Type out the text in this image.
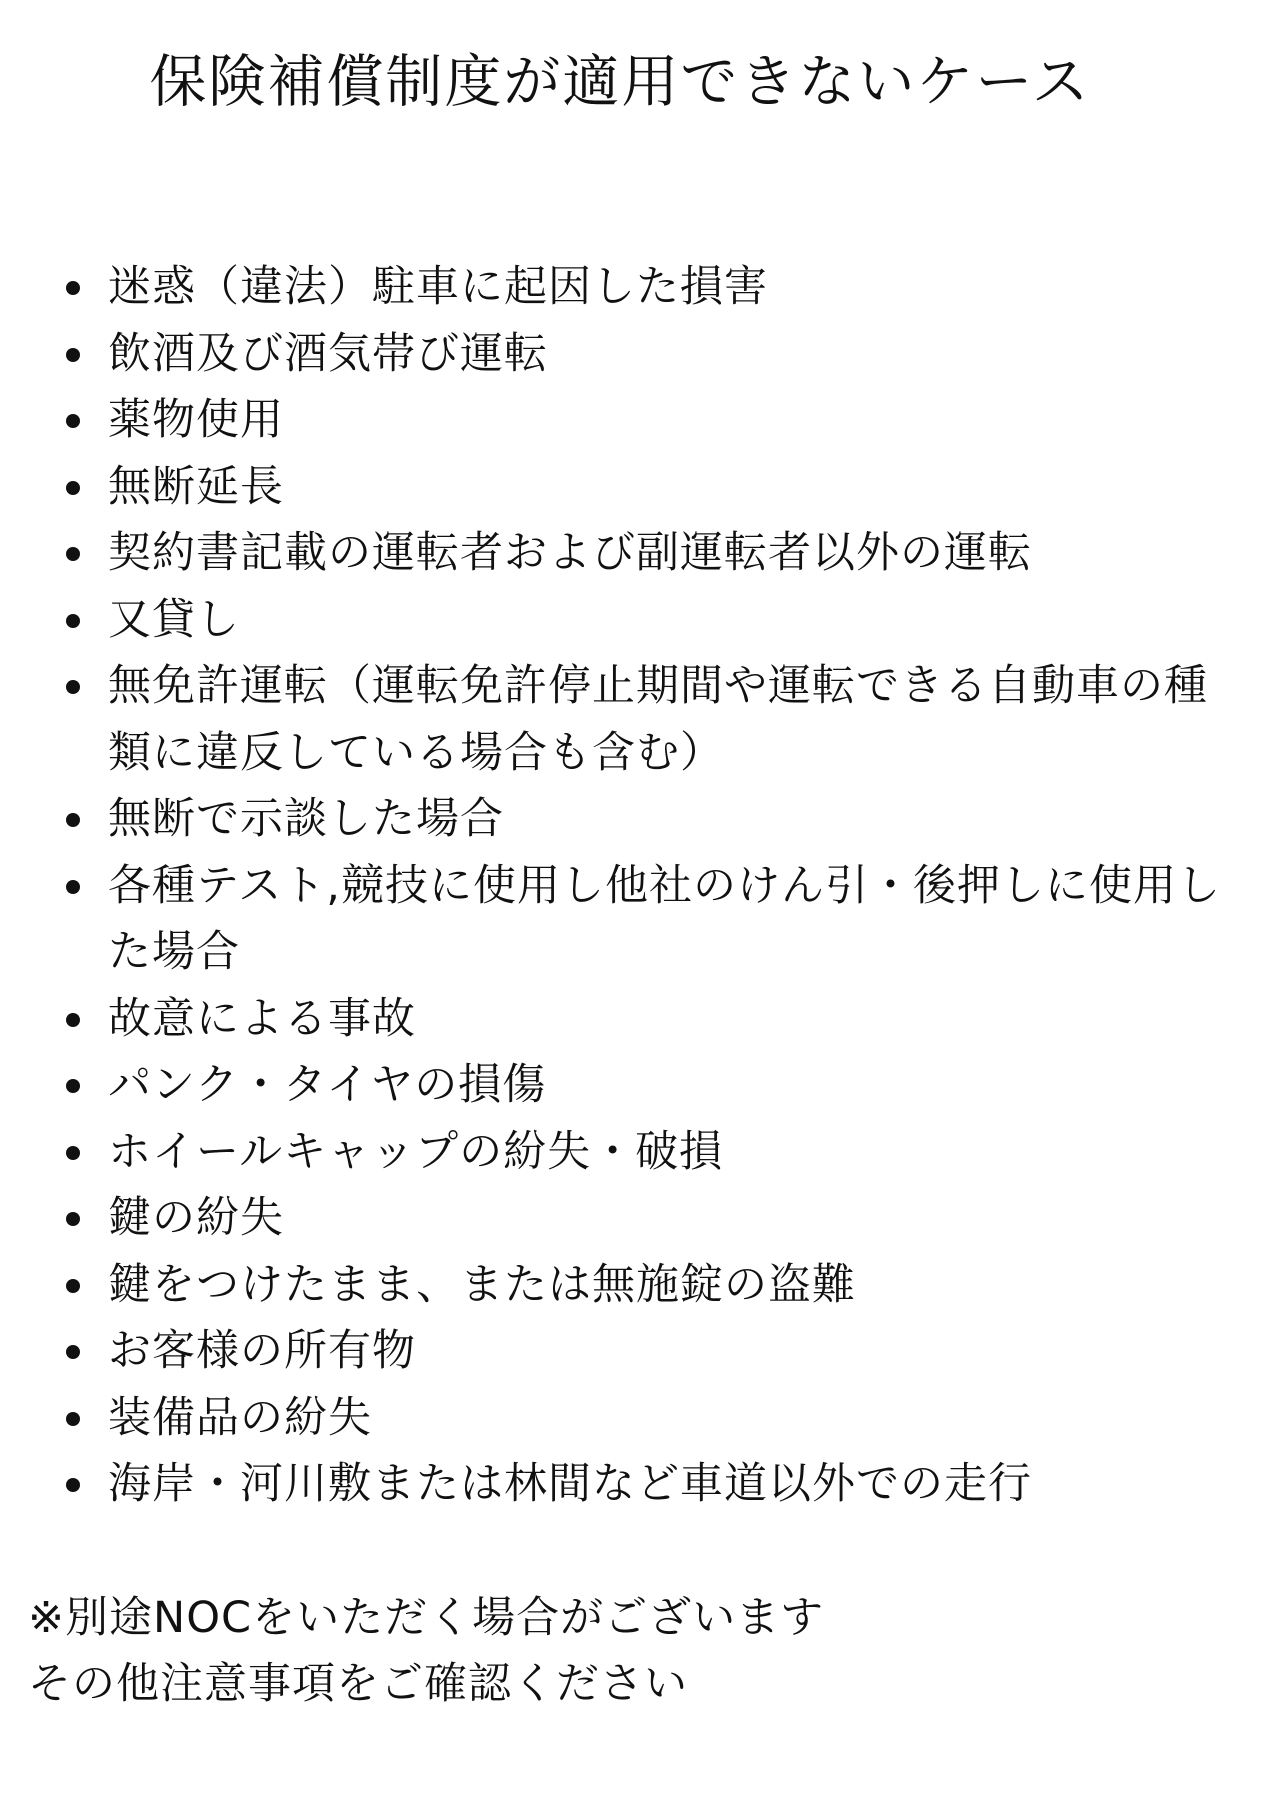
保険補償制度が適用できないケース
迷惑（違法）駐車に起因した損害
飲酒及び酒気帯び運転
薬物使用
無断延長
契約書記載の運転者および副運転者以外の運転
又貸し
無免許運転（運転免許停止期間や運転できる自動車の種類に違反している場合も含む）
無断で示談した場合
各種テスト,競技に使用し他社のけん引・後押しに使用した場合
故意による事故
パンク・タイヤの損傷
ホイールキャップの紛失・破損
鍵の紛失
鍵をつけたまま、または無施錠の盗難
お客様の所有物
装備品の紛失
海岸・河川敷または林間など車道以外での走行
※別途NOCをいただく場合がございます
その他注意事項をご確認ください
